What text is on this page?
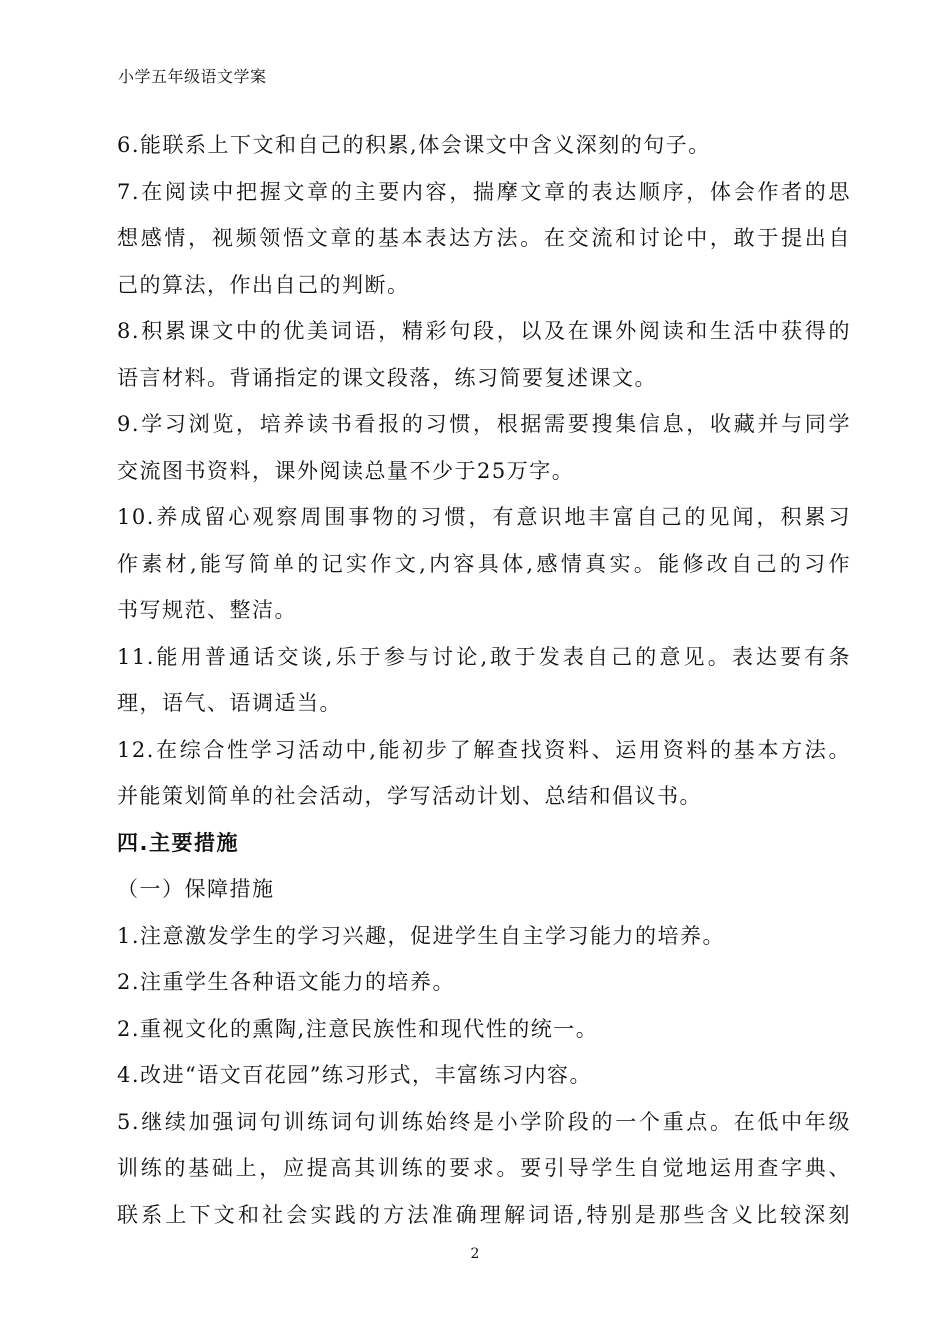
小学五年级语文学案
6.能联系上下文和自己的积累,体会课文中含义深刻的句子。
7.在阅读中把握文章的主要内容，揣摩文章的表达顺序，体会作者的思
想感情，视频领悟文章的基本表达方法。在交流和讨论中，敢于提出自
己的算法，作出自己的判断。
8.积累课文中的优美词语，精彩句段，以及在课外阅读和生活中获得的
语言材料。背诵指定的课文段落，练习简要复述课文。
9.学习浏览，培养读书看报的习惯，根据需要搜集信息，收藏并与同学
交流图书资料，课外阅读总量不少于25万字。
10.养成留心观察周围事物的习惯，有意识地丰富自己的见闻，积累习
作素材,能写简单的记实作文,内容具体,感情真实。能修改自己的习作
书写规范、整洁。
11.能用普通话交谈,乐于参与讨论,敢于发表自己的意见。表达要有条
理，语气、语调适当。
12.在综合性学习活动中,能初步了解查找资料、运用资料的基本方法。
并能策划简单的社会活动，学写活动计划、总结和倡议书。
四.主要措施
（一）保障措施
1.注意激发学生的学习兴趣，促进学生自主学习能力的培养。
2.注重学生各种语文能力的培养。
2.重视文化的熏陶,注意民族性和现代性的统一。
4.改进“语文百花园”练习形式，丰富练习内容。
5.继续加强词句训练词句训练始终是小学阶段的一个重点。在低中年级
训练的基础上，应提高其训练的要求。要引导学生自觉地运用查字典、
联系上下文和社会实践的方法准确理解词语,特别是那些含义比较深刻
2
